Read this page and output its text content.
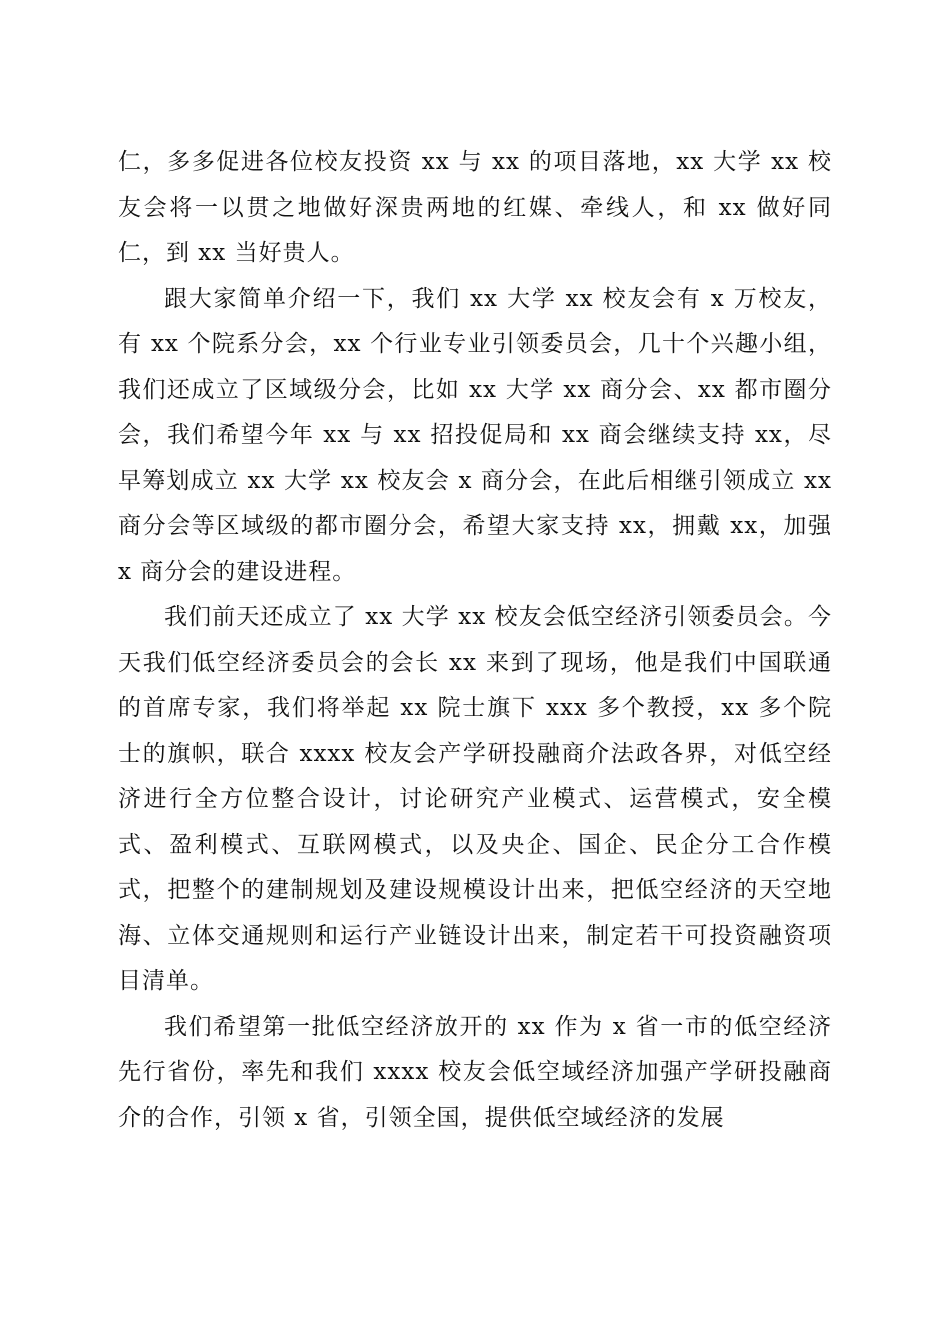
仁，多多促进各位校友投资 xx 与 xx 的项目落地，xx 大学 xx 校友会将一以贯之地做好深贵两地的红媒、牵线人，和 xx 做好同仁，到 xx 当好贵人。

跟大家简单介绍一下，我们 xx 大学 xx 校友会有 x 万校友，有 xx 个院系分会，xx 个行业专业引领委员会，几十个兴趣小组，我们还成立了区域级分会，比如 xx 大学 xx 商分会、xx 都市圈分会，我们希望今年 xx 与 xx 招投促局和 xx 商会继续支持 xx，尽早筹划成立 xx 大学 xx 校友会 x 商分会，在此后相继引领成立 xx 商分会等区域级的都市圈分会，希望大家支持 xx，拥戴 xx，加强 x 商分会的建设进程。

我们前天还成立了 xx 大学 xx 校友会低空经济引领委员会。今天我们低空经济委员会的会长 xx 来到了现场，他是我们中国联通的首席专家，我们将举起 xx 院士旗下 xxx 多个教授，xx 多个院士的旗帜，联合 xxxx 校友会产学研投融商介法政各界，对低空经济进行全方位整合设计，讨论研究产业模式、运营模式，安全模式、盈利模式、互联网模式，以及央企、国企、民企分工合作模式，把整个的建制规划及建设规模设计出来，把低空经济的天空地海、立体交通规则和运行产业链设计出来，制定若干可投资融资项目清单。

我们希望第一批低空经济放开的 xx 作为 x 省一市的低空经济先行省份，率先和我们 xxxx 校友会低空域经济加强产学研投融商介的合作，引领 x 省，引领全国，提供低空域经济的发展
